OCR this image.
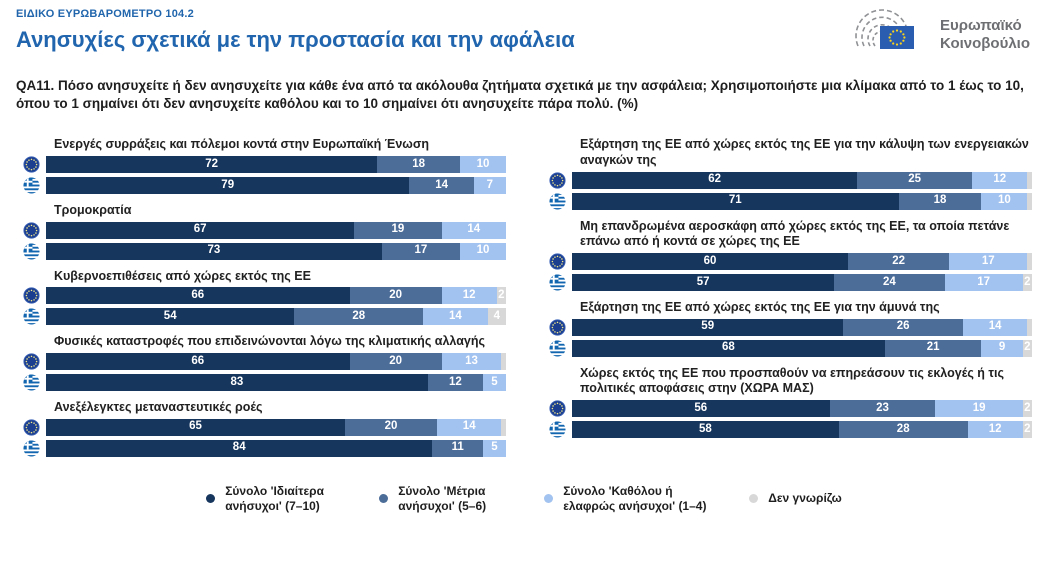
ΕΙΔΙΚΟ ΕΥΡΩΒΑΡΟΜΕΤΡΟ 104.2
Ευρωπαϊκό
Κοινοβούλιο
Ανησυχίες σχετικά με την προστασία και την αφάλεια

QA11. Πόσο ανησυχείτε ή δεν ανησυχείτε για κάθε ένα από τα ακόλουθα ζητήματα σχετικά με την ασφάλεια; Χρησιμοποιήστε μια κλίμακα από το 1 έως το 10, όπου το 1 σημαίνει ότι δεν ανησυχείτε καθόλου και το 10 σημαίνει ότι ανησυχείτε πάρα πολύ. (%)

Ενεργές συρράξεις και πόλεμοι κοντά στην Ευρωπαϊκή Ένωση
72	18	10
79	14	7
Τρομοκρατία
67	19	14
73	17	10
Κυβερνοεπιθέσεις από χώρες εκτός της ΕΕ
66	20	12 2
54	28	14	4
Φυσικές καταστροφές που επιδεινώνονται λόγω της κλιματικής αλλαγής
66	20	13
83	12	5
Ανεξέλεγκτες μεταναστευτικές ροές
65	20	14
84	11 5
Εξάρτηση της ΕΕ από χώρες εκτός της ΕΕ για την κάλυψη των ενεργειακών αναγκών της
62	25	12
71	18	10
Μη επανδρωμένα αεροσκάφη από χώρες εκτός της ΕΕ, τα οποία πετάνε επάνω από ή κοντά σε χώρες της ΕΕ
60	22	17
57	24	17	2
Εξάρτηση της ΕΕ από χώρες εκτός της ΕΕ για την άμυνά της
59	26	14
68	21	9 2
Χώρες εκτός της ΕΕ που προσπαθούν να επηρεάσουν τις εκλογές ή τις πολιτικές αποφάσεις στην (ΧΩΡΑ ΜΑΣ)
56	23	19	2
58	28	12 2
Σύνολο 'Ιδιαίτερα ανήσυχοι' (7–10)
Σύνολο 'Μέτρια ανήσυχοι' (5–6)
Σύνολο 'Καθόλου ή ελαφρώς ανήσυχοι' (1–4)
Δεν γνωρίζω
